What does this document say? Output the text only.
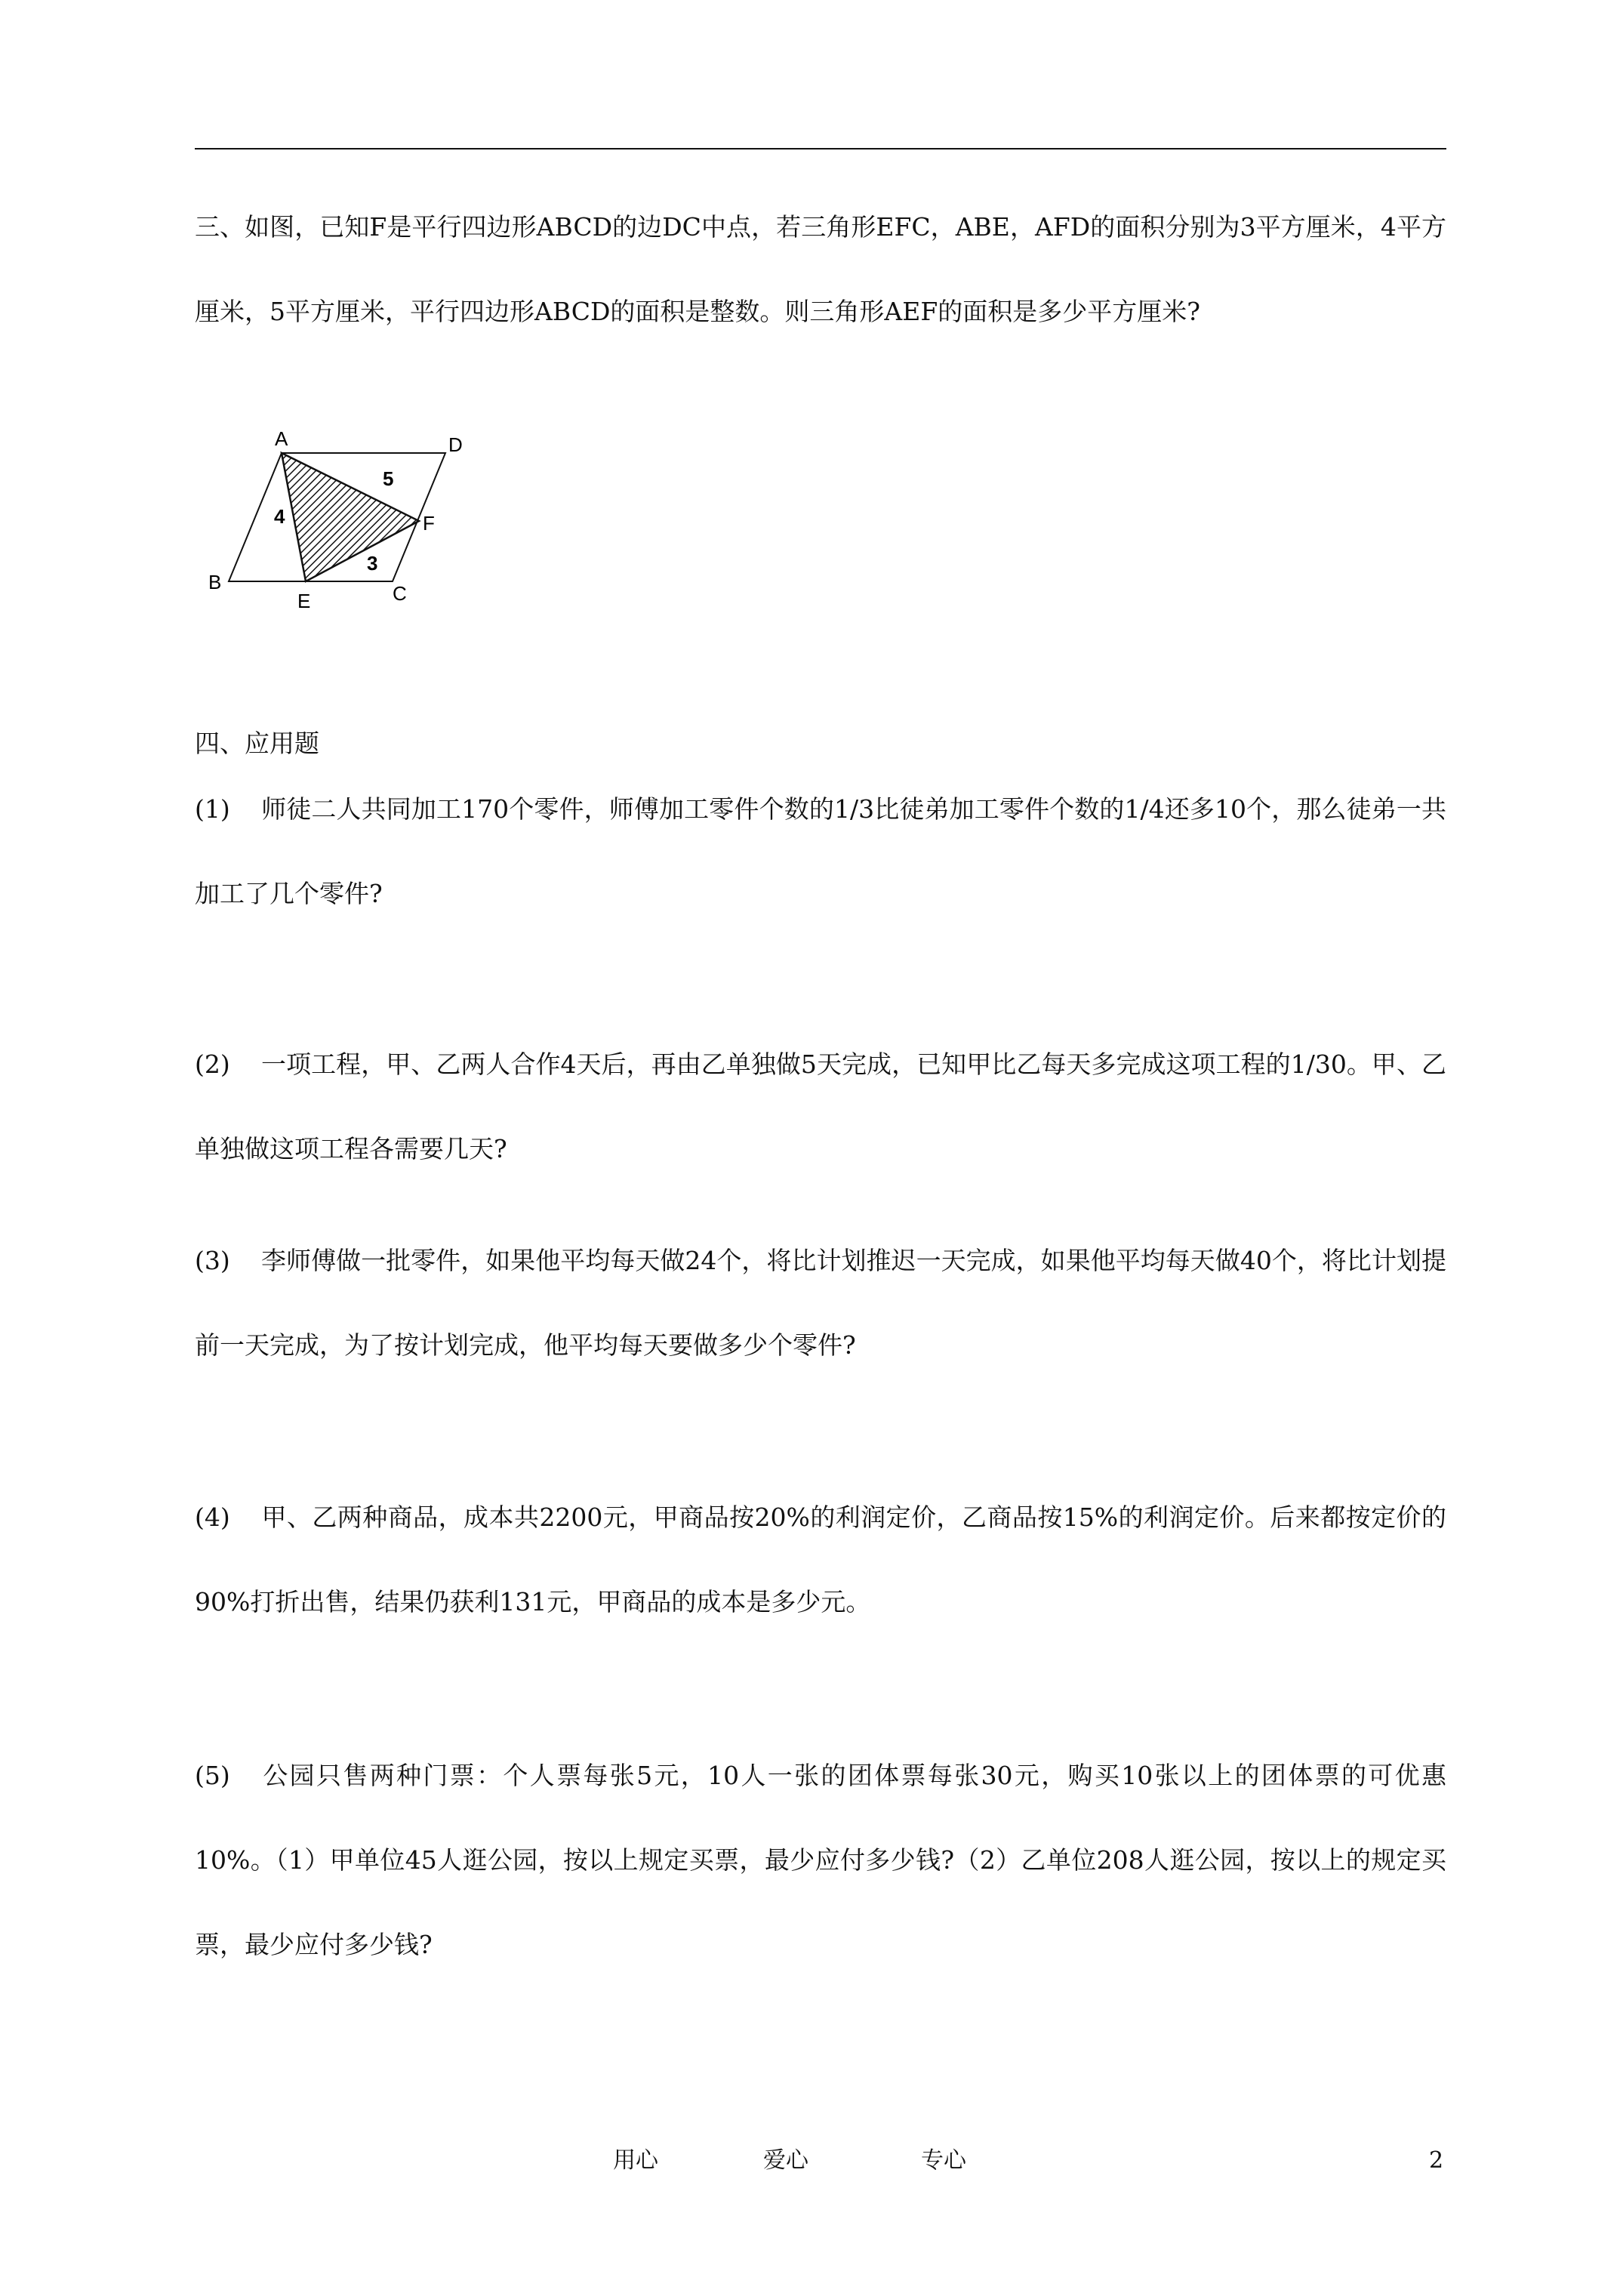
三、如图，已知F是平行四边形ABCD的边DC中点，若三角形EFC，ABE，AFD的面积分别为3平方厘米，4平方厘米，5平方厘米，平行四边形ABCD的面积是整数。则三角形AEF的面积是多少平方厘米?
A	D
B
E	C
F
4
5
3
四、应用题
(1) 师徒二人共同加工170个零件，师傅加工零件个数的1/3比徒弟加工零件个数的1/4还多10个，那么徒弟一共加工了几个零件?
(2) 一项工程，甲、乙两人合作4天后，再由乙单独做5天完成，已知甲比乙每天多完成这项工程的1/30。甲、乙单独做这项工程各需要几天?
(3) 李师傅做一批零件，如果他平均每天做24个，将比计划推迟一天完成，如果他平均每天做40个，将比计划提前一天完成，为了按计划完成，他平均每天要做多少个零件?
(4) 甲、乙两种商品，成本共2200元，甲商品按20%的利润定价，乙商品按15%的利润定价。后来都按定价的90%打折出售，结果仍获利131元，甲商品的成本是多少元。
(5) 公园只售两种门票：个人票每张5元，10人一张的团体票每张30元，购买10张以上的团体票的可优惠10%。（1）甲单位45人逛公园，按以上规定买票，最少应付多少钱?（2）乙单位208人逛公园，按以上的规定买票，最少应付多少钱?
用心	爱心	专心	2
